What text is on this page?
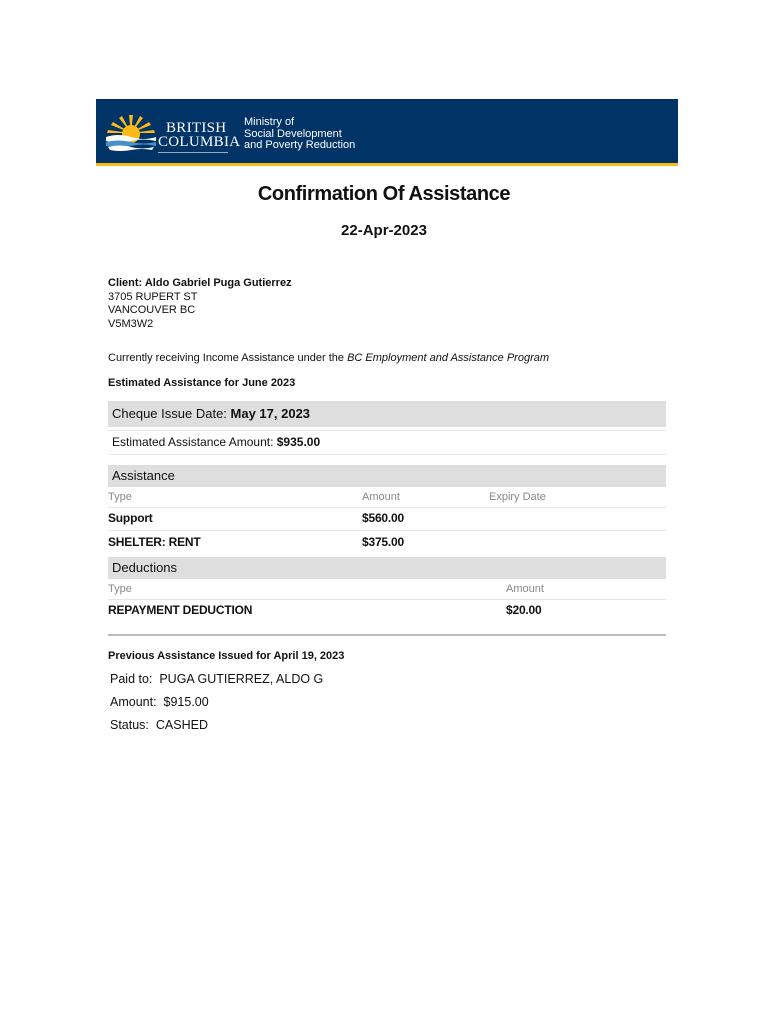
BRITISH
COLUMBIA
Ministry of
Social Development
and Poverty Reduction
Confirmation Of Assistance
22-Apr-2023
Client: Aldo Gabriel Puga Gutierrez
3705 RUPERT ST
VANCOUVER BC
V5M3W2
Currently receiving Income Assistance under the BC Employment and Assistance Program
Estimated Assistance for June 2023
Cheque Issue Date: May 17, 2023
Estimated Assistance Amount: $935.00
Assistance
Type	Amount	Expiry Date
Support	$560.00
SHELTER: RENT	$375.00
Deductions
Type	Amount
REPAYMENT DEDUCTION	$20.00
Previous Assistance Issued for April 19, 2023
Paid to: PUGA GUTIERREZ, ALDO G
Amount: $915.00
Status: CASHED
